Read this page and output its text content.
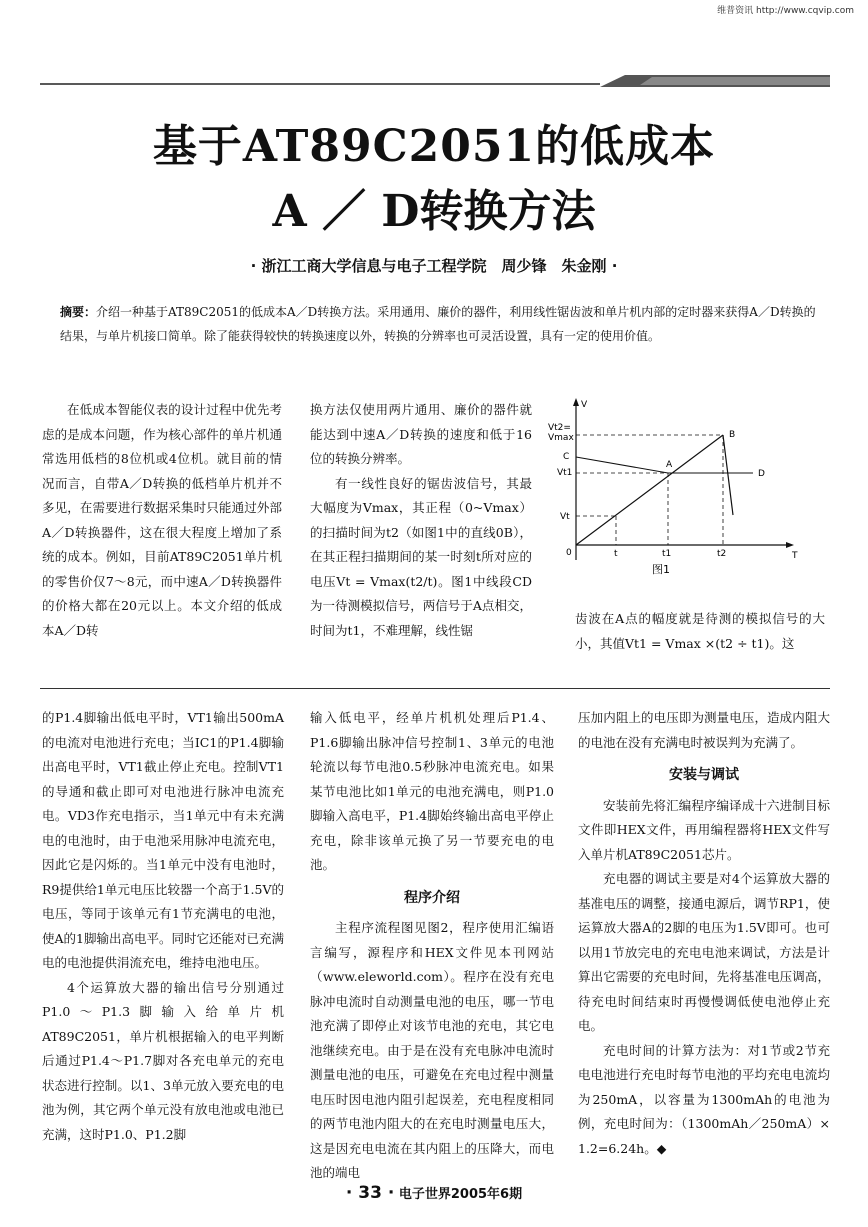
维普资讯 http://www.cqvip.com
基于AT89C2051的低成本
A ／ D转换方法
· 浙江工商大学信息与电子工程学院　周少锋　朱金刚 ·
摘要：介绍一种基于AT89C2051的低成本A／D转换方法。采用通用、廉价的器件，利用线性锯齿波和单片机内部的定时器来获得A／D转换的结果，与单片机接口简单。除了能获得较快的转换速度以外，转换的分辨率也可灵活设置，具有一定的使用价值。

在低成本智能仪表的设计过程中优先考虑的是成本问题，作为核心部件的单片机通常选用低档的8位机或4位机。就目前的情况而言，自带A／D转换的低档单片机并不多见，在需要进行数据采集时只能通过外部A／D转换器件，这在很大程度上增加了系统的成本。例如，目前AT89C2051单片机的零售价仅7～8元，而中速A／D转换器件的价格大都在20元以上。本文介绍的低成本A／D转

换方法仅使用两片通用、廉价的器件就能达到中速A／D转换的速度和低于16位的转换分辨率。

有一线性良好的锯齿波信号，其最大幅度为Vmax，其正程（0~Vmax）的扫描时间为t2（如图1中的直线0B），在其正程扫描期间的某一时刻t所对应的电压Vt = Vmax(t2/t)。图1中线段CD为一待测模拟信号，两信号于A点相交，时间为t1，不难理解，线性锯

V
Vt2=
Vmax
C
Vt1
Vt
0	t	t1	t2	T
A
B
D
图1

齿波在A点的幅度就是待测的模拟信号的大小，其值Vt1 = Vmax ×(t2 ÷ t1)。这

的P1.4脚输出低电平时，VT1输出500mA的电流对电池进行充电；当IC1的P1.4脚输出高电平时，VT1截止停止充电。控制VT1的导通和截止即可对电池进行脉冲电流充电。VD3作充电指示，当1单元中有未充满电的电池时，由于电池采用脉冲电流充电，因此它是闪烁的。当1单元中没有电池时，R9提供给1单元电压比较器一个高于1.5V的电压，等同于该单元有1节充满电的电池，使A的1脚输出高电平。同时它还能对已充满电的电池提供涓流充电，维持电池电压。

4个运算放大器的输出信号分别通过P1.0～P1.3脚输入给单片机AT89C2051，单片机根据输入的电平判断后通过P1.4～P1.7脚对各充电单元的充电状态进行控制。以1、3单元放入要充电的电池为例，其它两个单元没有放电池或电池已充满，这时P1.0、P1.2脚

输入低电平，经单片机机处理后P1.4、P1.6脚输出脉冲信号控制1、3单元的电池轮流以每节电池0.5秒脉冲电流充电。如果某节电池比如1单元的电池充满电，则P1.0脚输入高电平，P1.4脚始终输出高电平停止充电，除非该单元换了另一节要充电的电池。

程序介绍

主程序流程图见图2，程序使用汇编语言编写，源程序和HEX文件见本刊网站（www.eleworld.com）。程序在没有充电脉冲电流时自动测量电池的电压，哪一节电池充满了即停止对该节电池的充电，其它电池继续充电。由于是在没有充电脉冲电流时测量电池的电压，可避免在充电过程中测量电压时因电池内阻引起误差，充电程度相同的两节电池内阻大的在充电时测量电压大，这是因充电电流在其内阻上的压降大，而电池的端电

压加内阻上的电压即为测量电压，造成内阻大的电池在没有充满电时被误判为充满了。

安装与调试

安装前先将汇编程序编译成十六进制目标文件即HEX文件，再用编程器将HEX文件写入单片机AT89C2051芯片。

充电器的调试主要是对4个运算放大器的基准电压的调整，接通电源后，调节RP1，使运算放大器A的2脚的电压为1.5V即可。也可以用1节放完电的充电电池来调试，方法是计算出它需要的充电时间，先将基准电压调高，待充电时间结束时再慢慢调低使电池停止充电。

充电时间的计算方法为：对1节或2节充电电池进行充电时每节电池的平均充电电流均为250mA，以容量为1300mAh的电池为例，充电时间为：（1300mAh／250mA）× 1.2=6.24h。◆

· 33 · 电子世界2005年6期
